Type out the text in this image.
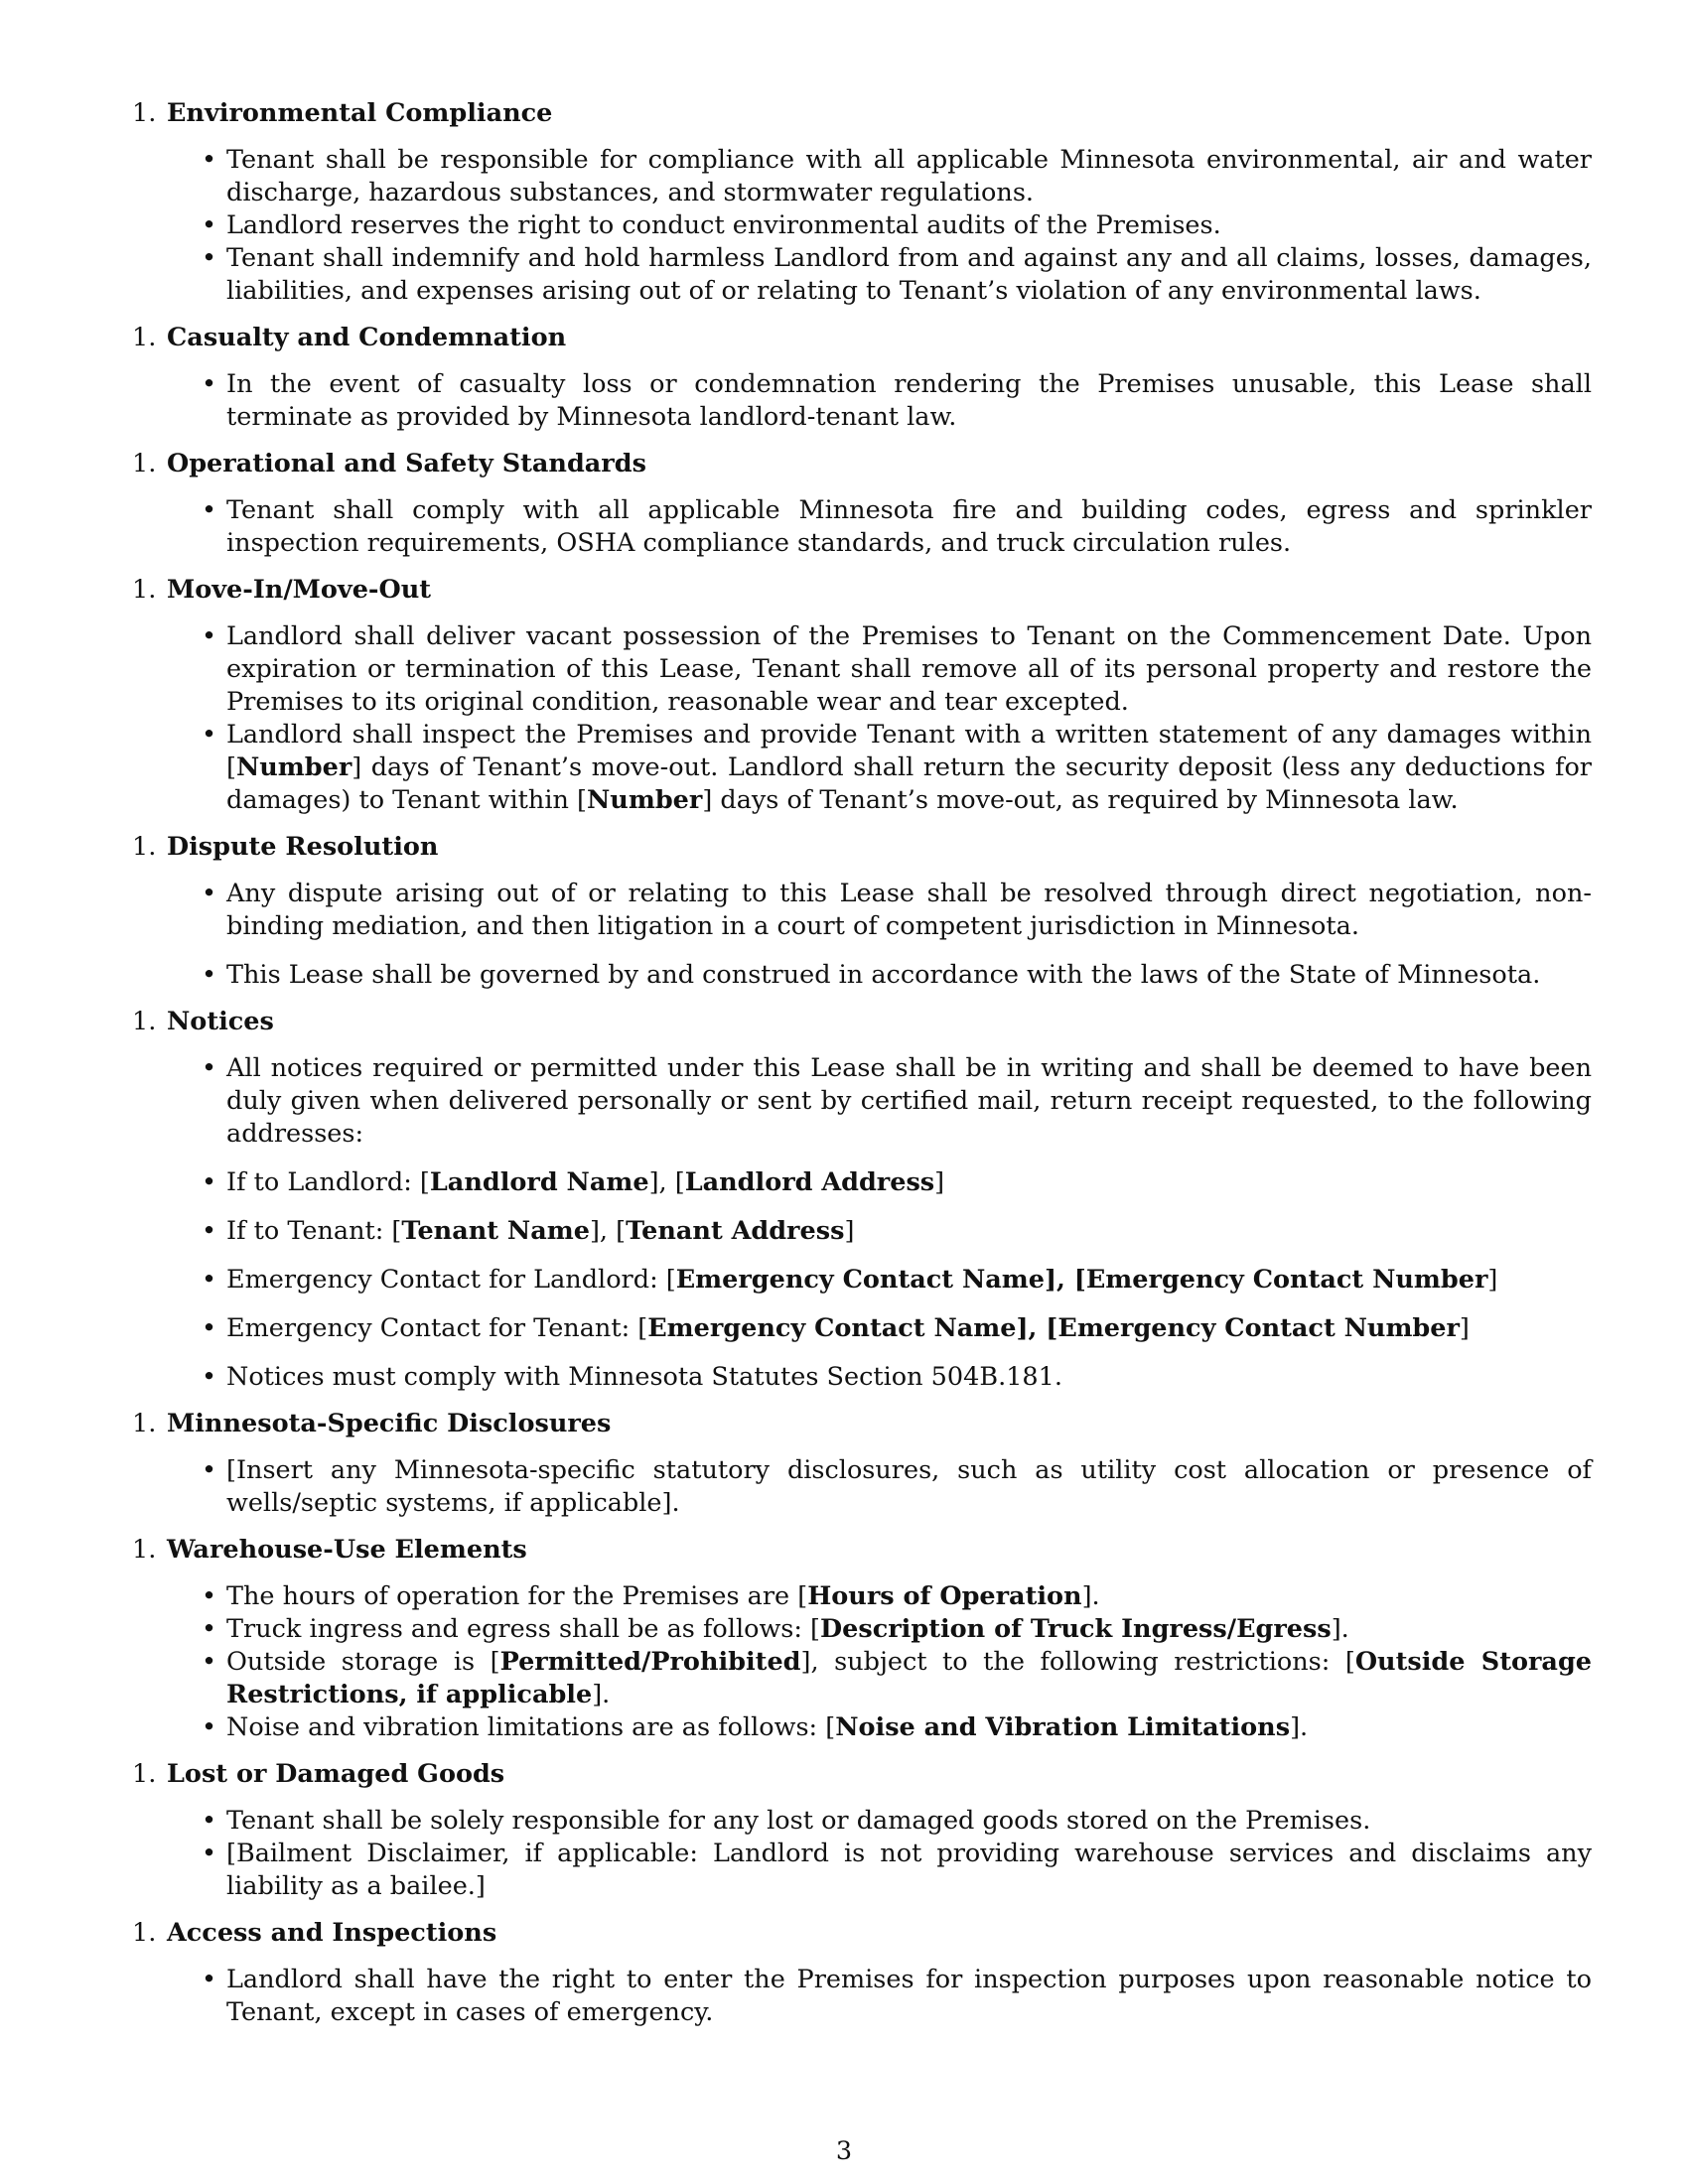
1. Environmental Compliance
• Tenant shall be responsible for compliance with all applicable Minnesota environmental, air and water discharge, hazardous substances, and stormwater regulations.
• Landlord reserves the right to conduct environmental audits of the Premises.
• Tenant shall indemnify and hold harmless Landlord from and against any and all claims, losses, damages, liabilities, and expenses arising out of or relating to Tenant’s violation of any environmental laws.
1. Casualty and Condemnation
• In the event of casualty loss or condemnation rendering the Premises unusable, this Lease shall terminate as provided by Minnesota landlord-tenant law.
1. Operational and Safety Standards
• Tenant shall comply with all applicable Minnesota fire and building codes, egress and sprinkler inspection requirements, OSHA compliance standards, and truck circulation rules.
1. Move-In/Move-Out
• Landlord shall deliver vacant possession of the Premises to Tenant on the Commencement Date. Upon expiration or termination of this Lease, Tenant shall remove all of its personal property and restore the Premises to its original condition, reasonable wear and tear excepted.
• Landlord shall inspect the Premises and provide Tenant with a written statement of any damages within [Number] days of Tenant’s move-out. Landlord shall return the security deposit (less any deductions for damages) to Tenant within [Number] days of Tenant’s move-out, as required by Minnesota law.
1. Dispute Resolution
• Any dispute arising out of or relating to this Lease shall be resolved through direct negotiation, non-binding mediation, and then litigation in a court of competent jurisdiction in Minnesota.
• This Lease shall be governed by and construed in accordance with the laws of the State of Minnesota.
1. Notices
• All notices required or permitted under this Lease shall be in writing and shall be deemed to have been duly given when delivered personally or sent by certified mail, return receipt requested, to the following addresses:
• If to Landlord: [Landlord Name], [Landlord Address]
• If to Tenant: [Tenant Name], [Tenant Address]
• Emergency Contact for Landlord: [Emergency Contact Name], [Emergency Contact Number]
• Emergency Contact for Tenant: [Emergency Contact Name], [Emergency Contact Number]
• Notices must comply with Minnesota Statutes Section 504B.181.
1. Minnesota-Specific Disclosures
• [Insert any Minnesota-specific statutory disclosures, such as utility cost allocation or presence of wells/septic systems, if applicable].
1. Warehouse-Use Elements
• The hours of operation for the Premises are [Hours of Operation].
• Truck ingress and egress shall be as follows: [Description of Truck Ingress/Egress].
• Outside storage is [Permitted/Prohibited], subject to the following restrictions: [Outside Storage Restrictions, if applicable].
• Noise and vibration limitations are as follows: [Noise and Vibration Limitations].
1. Lost or Damaged Goods
• Tenant shall be solely responsible for any lost or damaged goods stored on the Premises.
• [Bailment Disclaimer, if applicable: Landlord is not providing warehouse services and disclaims any liability as a bailee.]
1. Access and Inspections
• Landlord shall have the right to enter the Premises for inspection purposes upon reasonable notice to Tenant, except in cases of emergency.
3
